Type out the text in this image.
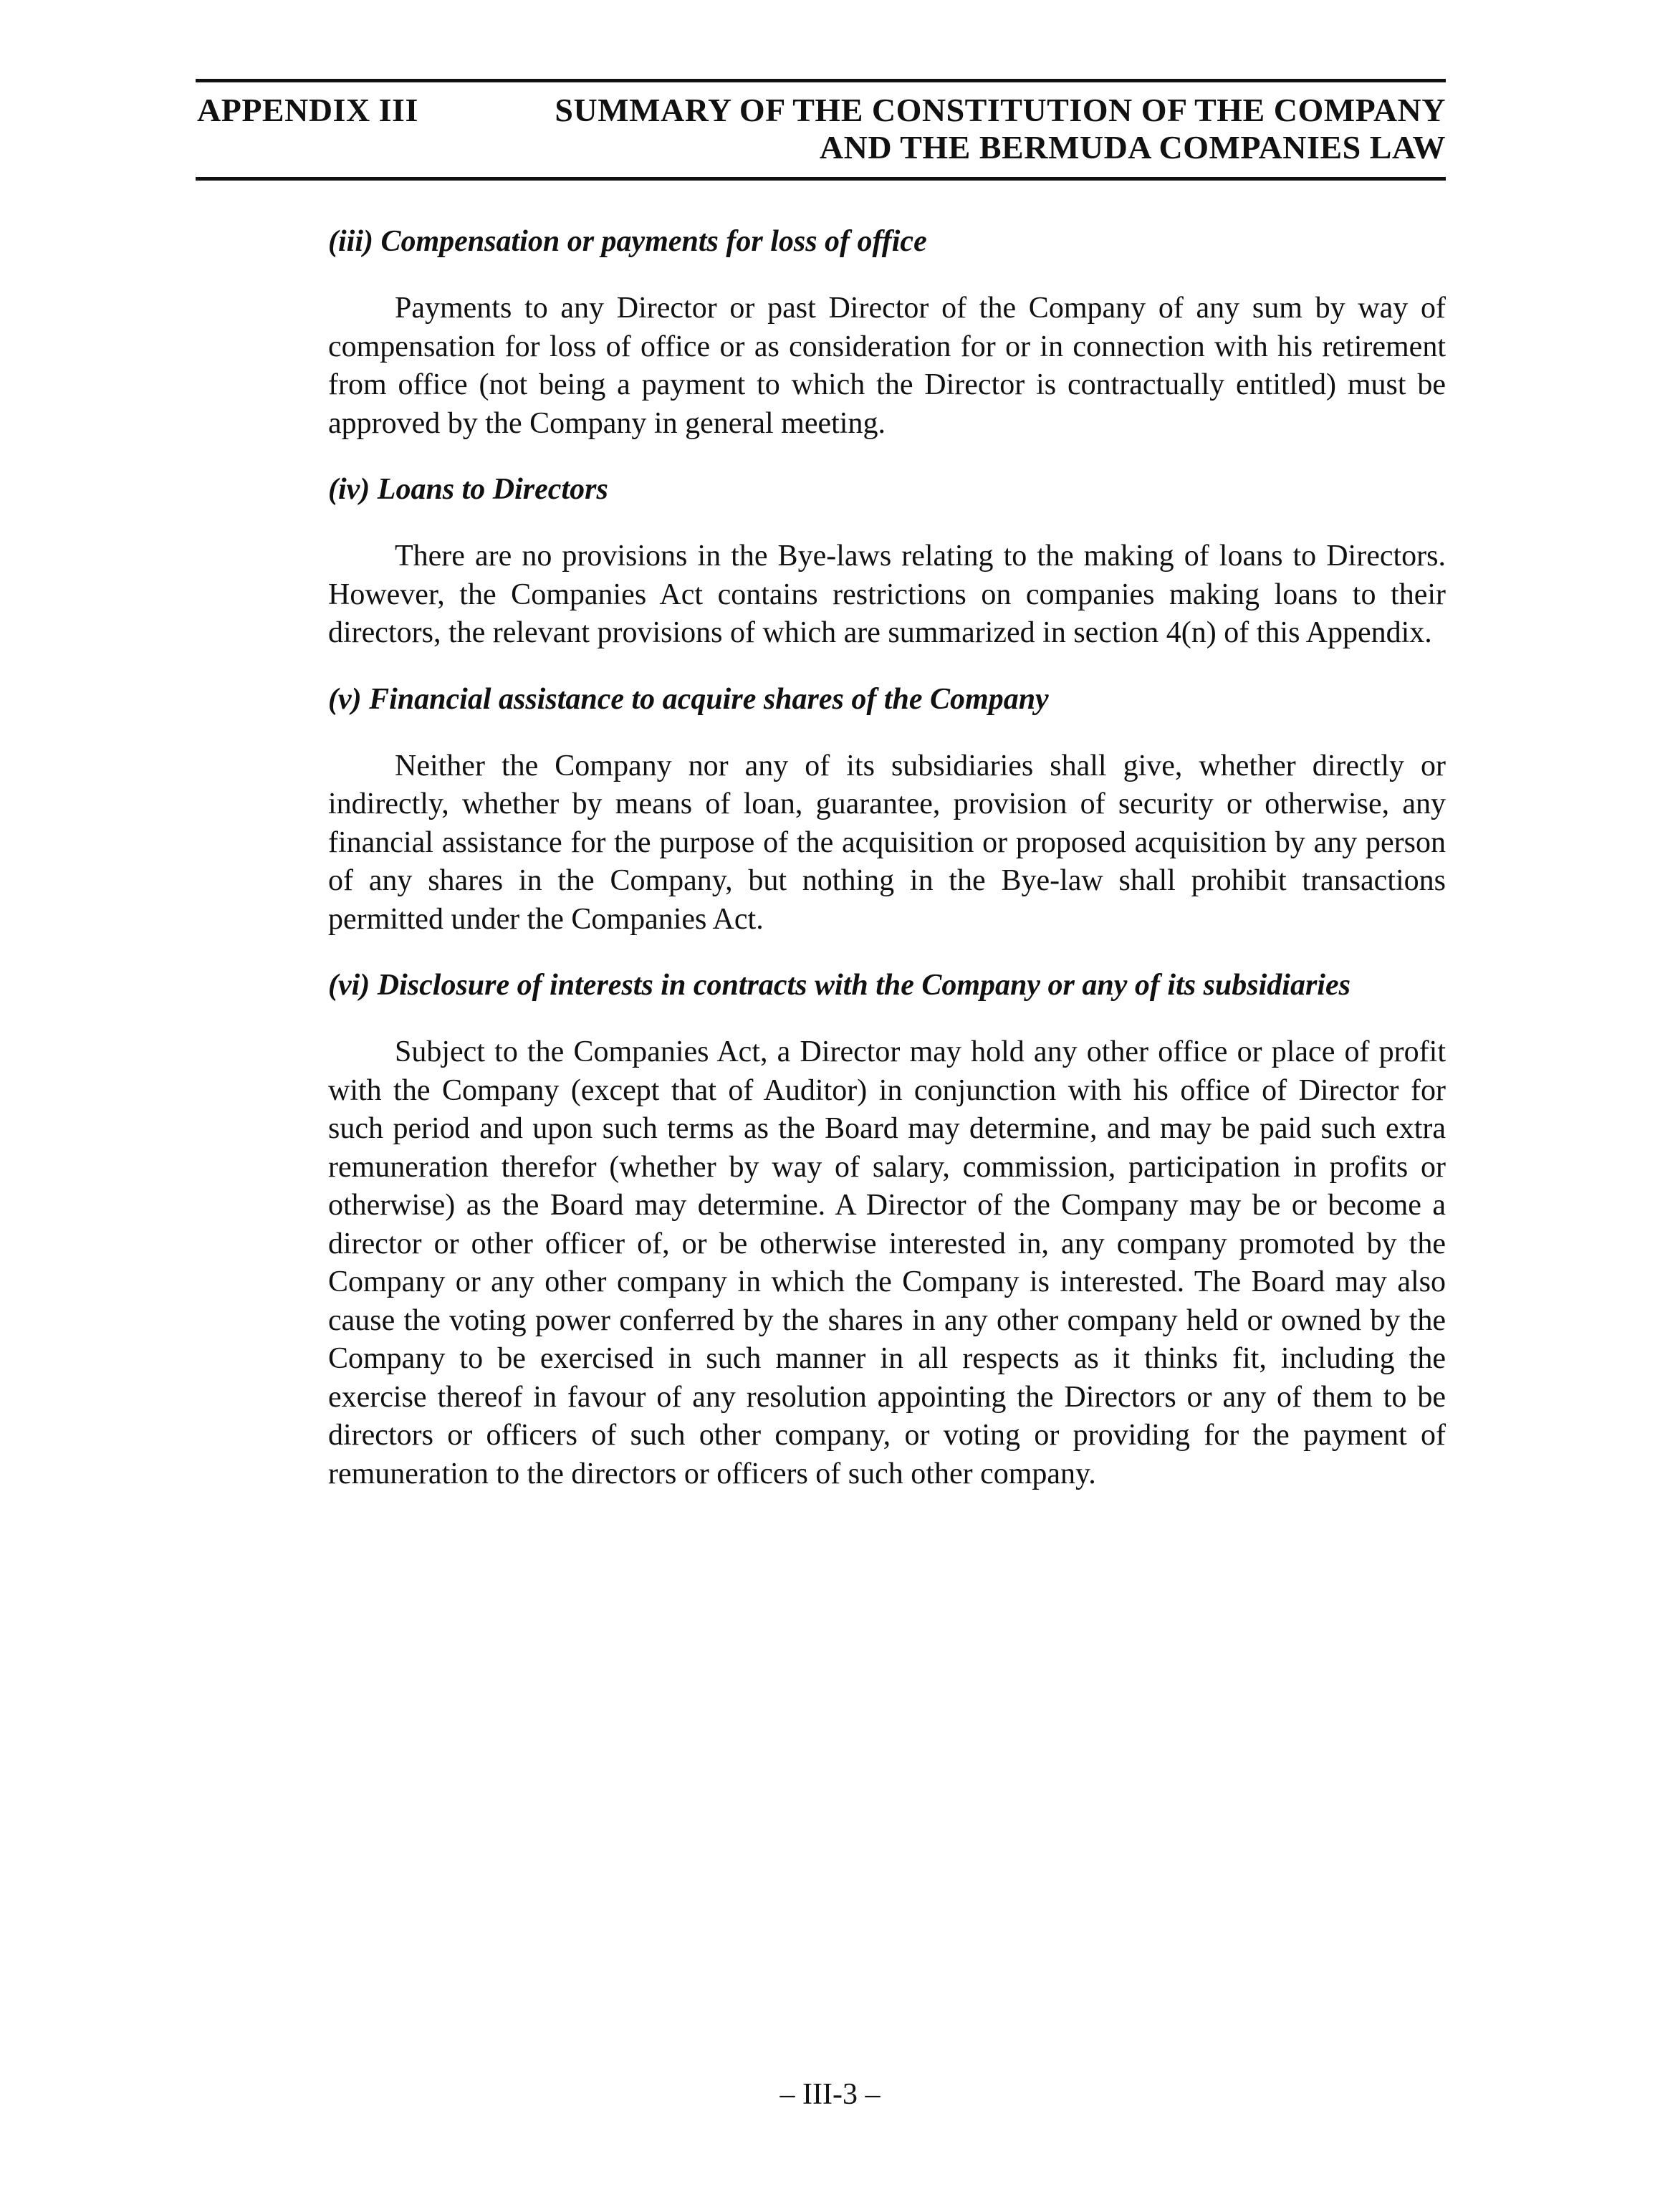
APPENDIX III	SUMMARY OF THE CONSTITUTION OF THE COMPANY
AND THE BERMUDA COMPANIES LAW
(iii) Compensation or payments for loss of office

Payments to any Director or past Director of the Company of any sum by way of compensation for loss of office or as consideration for or in connection with his retirement from office (not being a payment to which the Director is contractually entitled) must be approved by the Company in general meeting.

(iv) Loans to Directors

There are no provisions in the Bye-laws relating to the making of loans to Directors. However, the Companies Act contains restrictions on companies making loans to their directors, the relevant provisions of which are summarized in section 4(n) of this Appendix.

(v) Financial assistance to acquire shares of the Company

Neither the Company nor any of its subsidiaries shall give, whether directly or indirectly, whether by means of loan, guarantee, provision of security or otherwise, any financial assistance for the purpose of the acquisition or proposed acquisition by any person of any shares in the Company, but nothing in the Bye-law shall prohibit transactions permitted under the Companies Act.

(vi) Disclosure of interests in contracts with the Company or any of its subsidiaries

Subject to the Companies Act, a Director may hold any other office or place of profit with the Company (except that of Auditor) in conjunction with his office of Director for such period and upon such terms as the Board may determine, and may be paid such extra remuneration therefor (whether by way of salary, commission, participation in profits or otherwise) as the Board may determine. A Director of the Company may be or become a director or other officer of, or be otherwise interested in, any company promoted by the Company or any other company in which the Company is interested. The Board may also cause the voting power conferred by the shares in any other company held or owned by the Company to be exercised in such manner in all respects as it thinks fit, including the exercise thereof in favour of any resolution appointing the Directors or any of them to be directors or officers of such other company, or voting or providing for the payment of remuneration to the directors or officers of such other company.

– III-3 –
